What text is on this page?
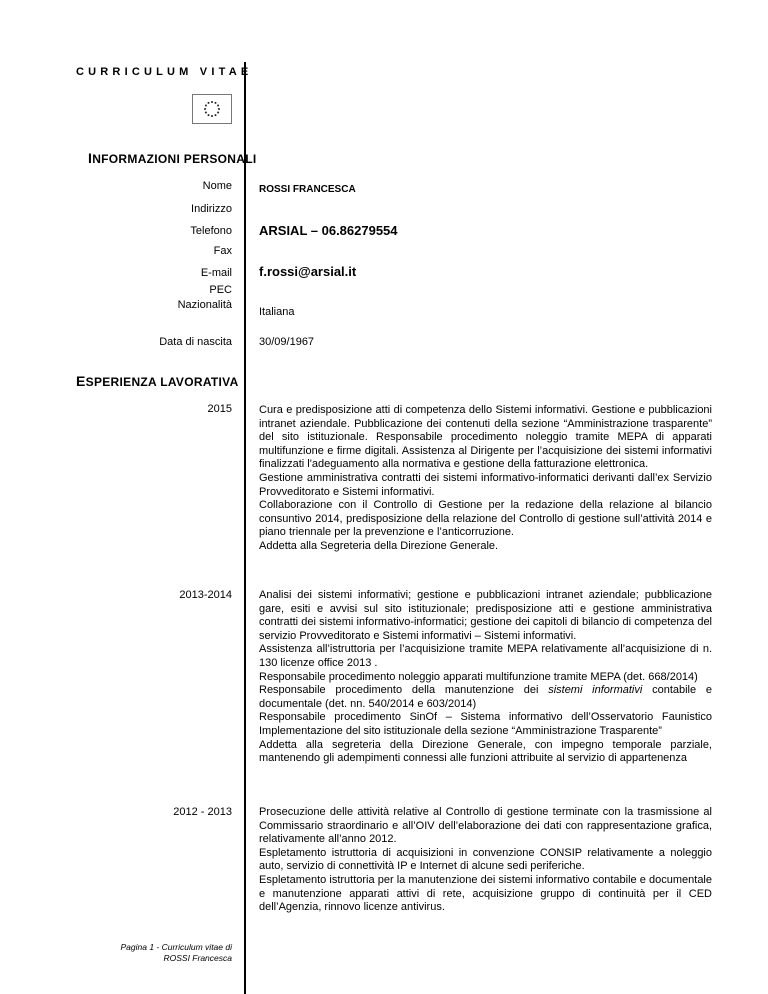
CURRICULUM VITAE
INFORMAZIONI PERSONALI
Nome	ROSSI FRANCESCA
Indirizzo
Telefono ARSIAL – 06.86279554
Fax
E-mail f.rossi@arsial.it
PEC
Nazionalità
Italiana
Data di nascita 30/09/1967
ESPERIENZA LAVORATIVA
2015 Cura e predisposizione atti di competenza dello Sistemi informativi. Gestione e pubblicazioni intranet aziendale. Pubblicazione dei contenuti della sezione “Amministrazione trasparente” del sito istituzionale. Responsabile procedimento noleggio tramite MEPA di apparati multifunzione e firme digitali. Assistenza al Dirigente per l’acquisizione dei sistemi informativi finalizzati l'adeguamento alla normativa e gestione della fatturazione elettronica.

Gestione amministrativa contratti dei sistemi informativo-informatici derivanti dall’ex Servizio Provveditorato e Sistemi informativi.

Collaborazione con il Controllo di Gestione per la redazione della relazione al bilancio consuntivo 2014, predisposizione della relazione del Controllo di gestione sull’attività 2014 e piano triennale per la prevenzione e l’anticorruzione.

Addetta alla Segreteria della Direzione Generale.

2013-2014 Analisi dei sistemi informativi; gestione e pubblicazioni intranet aziendale; pubblicazione gare, esiti e avvisi sul sito istituzionale; predisposizione atti e gestione amministrativa contratti dei sistemi informativo-informatici; gestione dei capitoli di bilancio di competenza del servizio Provveditorato e Sistemi informativi – Sistemi informativi.

Assistenza all’istruttoria per l’acquisizione tramite MEPA relativamente all’acquisizione di n. 130 licenze office 2013 .

Responsabile procedimento noleggio apparati multifunzione tramite MEPA (det. 668/2014)

Responsabile procedimento della manutenzione dei sistemi informativi contabile e documentale (det. nn. 540/2014 e 603/2014)

Responsabile procedimento SinOf – Sistema informativo dell’Osservatorio Faunistico Implementazione del sito istituzionale della sezione “Amministrazione Trasparente”

Addetta alla segreteria della Direzione Generale, con impegno temporale parziale, mantenendo gli adempimenti connessi alle funzioni attribuite al servizio di appartenenza

2012 - 2013 Prosecuzione delle attività relative al Controllo di gestione terminate con la trasmissione al Commissario straordinario e all’OIV dell’elaborazione dei dati con rappresentazione grafica, relativamente all’anno 2012.

Espletamento istruttoria di acquisizioni in convenzione CONSIP relativamente a noleggio auto, servizio di connettività IP e Internet di alcune sedi periferiche.

Espletamento istruttoria per la manutenzione dei sistemi informativo contabile e documentale e manutenzione apparati attivi di rete, acquisizione gruppo di continuità per il CED dell’Agenzia, rinnovo licenze antivirus.

Pagina 1 - Curriculum vitae di
ROSSI Francesca
